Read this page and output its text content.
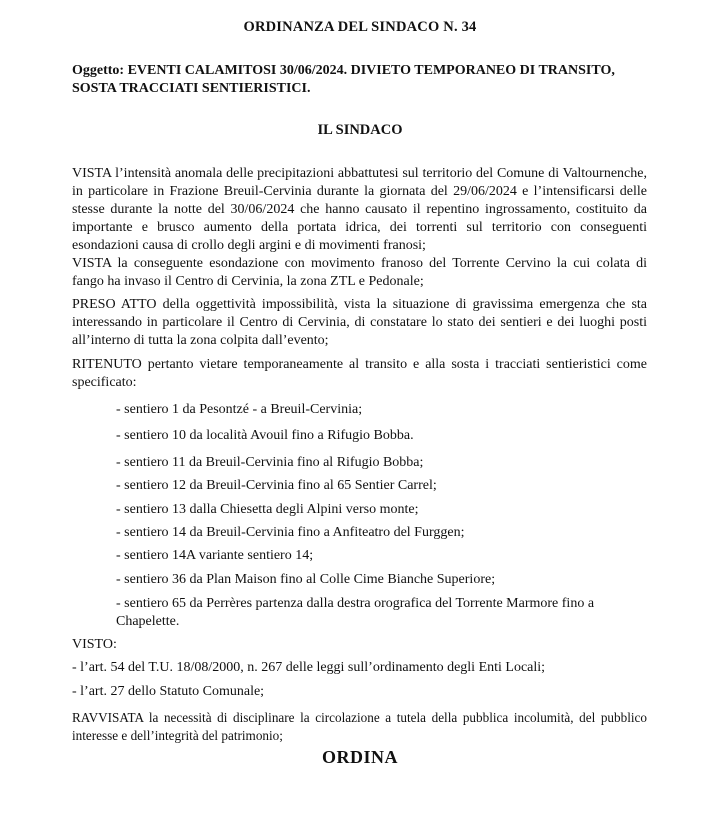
ORDINANZA DEL SINDACO N. 34
Oggetto: EVENTI CALAMITOSI 30/06/2024. DIVIETO TEMPORANEO DI TRANSITO,
SOSTA TRACCIATI SENTIERISTICI.
IL SINDACO
VISTA l’intensità anomala delle precipitazioni abbattutesi sul territorio del Comune di Valtournenche, in particolare in Frazione Breuil-Cervinia durante la giornata del 29/06/2024 e l’intensificarsi delle stesse durante la notte del 30/06/2024 che hanno causato il repentino ingrossamento, costituito da importante e brusco aumento della portata idrica, dei torrenti sul territorio con conseguenti esondazioni causa di crollo degli argini e di movimenti franosi;
VISTA la conseguente esondazione con movimento franoso del Torrente Cervino la cui colata di fango ha invaso il Centro di Cervinia, la zona ZTL e Pedonale;
PRESO ATTO della oggettività impossibilità, vista la situazione di gravissima emergenza che sta interessando in particolare il Centro di Cervinia, di constatare lo stato dei sentieri e dei luoghi posti all’interno di tutta la zona colpita dall’evento;
RITENUTO pertanto vietare temporaneamente al transito e alla sosta i tracciati sentieristici come specificato:
- sentiero 1 da Pesontzé - a Breuil-Cervinia;
- sentiero 10 da località Avouil fino a Rifugio Bobba.
- sentiero 11 da Breuil-Cervinia fino al Rifugio Bobba;
- sentiero 12 da Breuil-Cervinia fino al 65 Sentier Carrel;
- sentiero 13 dalla Chiesetta degli Alpini verso monte;
- sentiero 14 da Breuil-Cervinia fino a Anfiteatro del Furggen;
- sentiero 14A variante sentiero 14;
- sentiero 36 da Plan Maison fino al Colle Cime Bianche Superiore;
- sentiero 65 da Perrères partenza dalla destra orografica del Torrente Marmore fino a Chapelette.
VISTO:
- l’art. 54 del T.U. 18/08/2000, n. 267 delle leggi sull’ordinamento degli Enti Locali;
- l’art. 27 dello Statuto Comunale;
RAVVISATA la necessità di disciplinare la circolazione a tutela della pubblica incolumità, del pubblico interesse e dell’integrità del patrimonio;
ORDINA
